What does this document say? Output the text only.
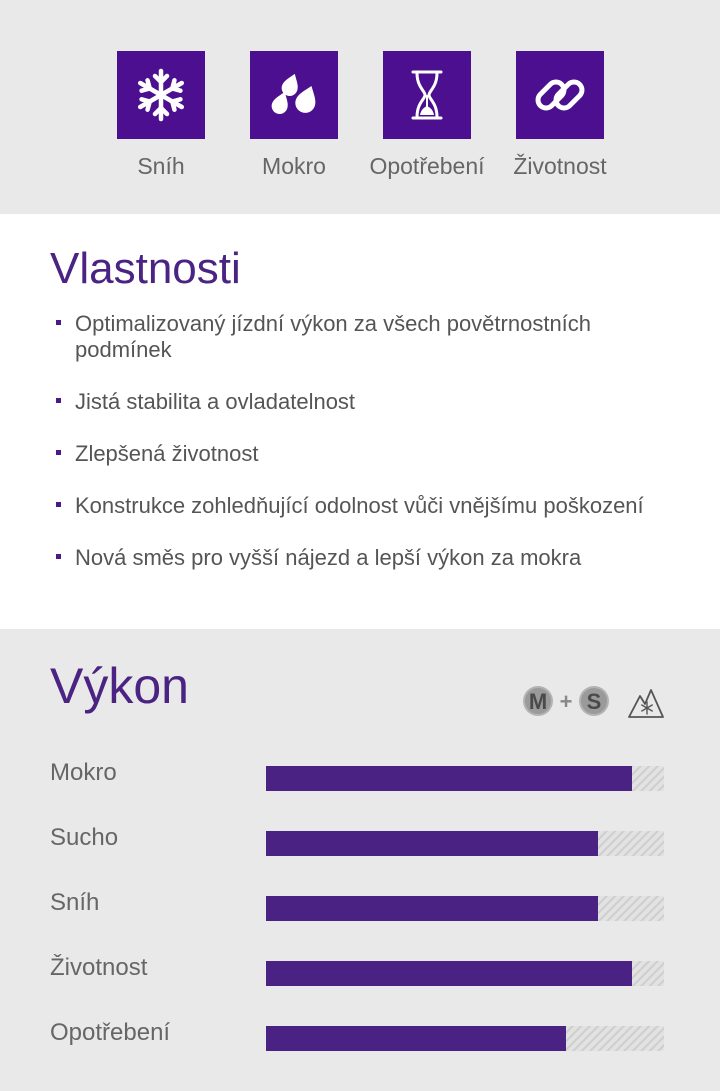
Sníh	Mokro	Opotřebení	Životnost
Vlastnosti
Optimalizovaný jízdní výkon za všech povětrnostních podmínek
Jistá stabilita a ovladatelnost
Zlepšená životnost
Konstrukce zohledňující odolnost vůči vnějšímu poškození
Nová směs pro vyšší nájezd a lepší výkon za mokra
Výkon	M + S
Mokro
Sucho
Sníh
Životnost
Opotřebení
